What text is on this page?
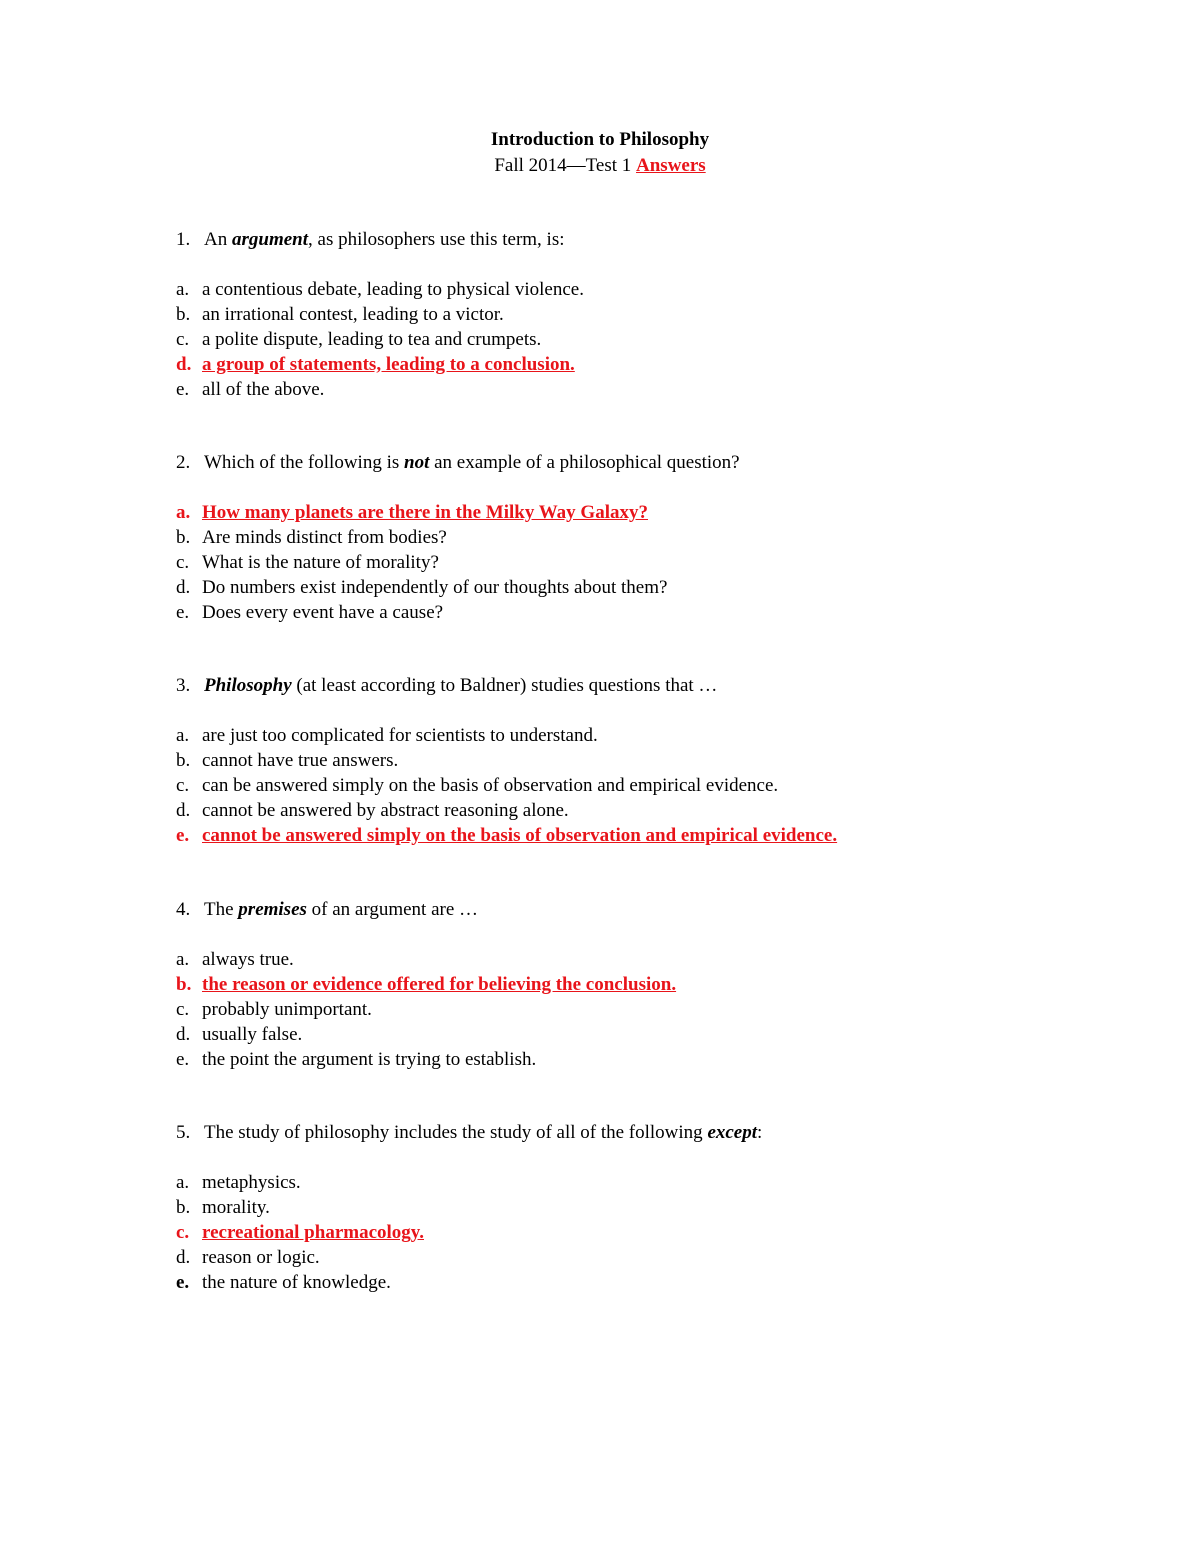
Introduction to Philosophy
Fall 2014—Test 1 Answers
1. An argument, as philosophers use this term, is:
a. a contentious debate, leading to physical violence.
b. an irrational contest, leading to a victor.
c. a polite dispute, leading to tea and crumpets.
d. a group of statements, leading to a conclusion.
e. all of the above.
2. Which of the following is not an example of a philosophical question?
a. How many planets are there in the Milky Way Galaxy?
b. Are minds distinct from bodies?
c. What is the nature of morality?
d. Do numbers exist independently of our thoughts about them?
e. Does every event have a cause?
3. Philosophy (at least according to Baldner) studies questions that …
a. are just too complicated for scientists to understand.
b. cannot have true answers.
c. can be answered simply on the basis of observation and empirical evidence.
d. cannot be answered by abstract reasoning alone.
e. cannot be answered simply on the basis of observation and empirical evidence.
4. The premises of an argument are …
a. always true.
b. the reason or evidence offered for believing the conclusion.
c. probably unimportant.
d. usually false.
e. the point the argument is trying to establish.
5. The study of philosophy includes the study of all of the following except:
a. metaphysics.
b. morality.
c. recreational pharmacology.
d. reason or logic.
e. the nature of knowledge.
